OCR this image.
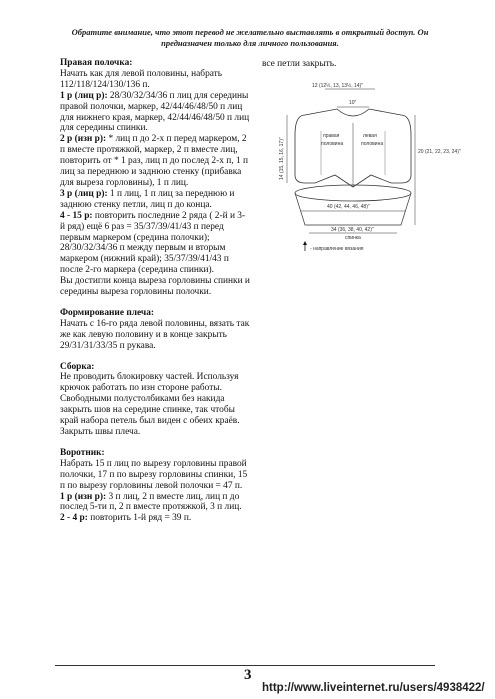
Обратите внимание, что этот перевод не желательно выставлять в открытый доступ. Он
предназначен только для личного пользования.

Правая полочка:

Начать как для левой половины, набрать 112/118/124/130/136 п.

1 р (лиц р): 28/30/32/34/36 п лиц для середины правой полочки, маркер, 42/44/46/48/50 п лиц для нижнего края, маркер, 42/44/46/48/50 п лиц для середины спинки.

2 р (изн р): * лиц п до 2-х п перед маркером, 2 п вместе протяжкой, маркер, 2 п вместе лиц, повторить от * 1 раз, лиц п до послед 2-х п, 1 п лиц за переднюю и заднюю стенку (прибавка для выреза горловины), 1 п лиц.

3 р (лиц р): 1 п лиц, 1 п лиц за переднюю и заднюю стенку петли, лиц п до конца.

4 - 15 р: повторить последние 2 ряда ( 2-й и 3-й ряд) ещё 6 раз = 35/37/39/41/43 п перед первым маркером (средина полочки); 28/30/32/34/36 п между первым и вторым маркером (нижний край); 35/37/39/41/43 п после 2-го маркера (середина спинки).

Вы достигли конца выреза горловины спинки и середины выреза горловины полочки.

Формирование плеча:

Начать с 16-го ряда левой половины, вязать так же как левую половину и в конце закрыть 29/31/31/33/35 п рукава.

Сборка:

Не проводить блокировку частей. Используя крючок работать по изн стороне работы. Свободными полустолбиками без накида закрыть шов на середине спинке, так чтобы край набора петель был виден с обеих краёв. Закрыть швы плеча.

Воротник:

Набрать 15 п лиц по вырезу горловины правой полочки, 17 п по вырезу горловины спинки, 15 п по вырезу горловины левой полочки = 47 п.

1 р (изн р): 3 п лиц, 2 п вместе лиц, лиц п до послед 5-ти п, 2 п вместе протяжкой, 3 п лиц.

2 - 4 р: повторить 1-й ряд = 39 п.

все петли закрыть.
12 (12½, 13, 13½, 14)"
10"
правая
половина
левая
половина
14 (15, 15, 16, 17)"	20 (21, 22, 23, 24)"
40 (42, 44, 46, 48)"
34 (36, 38, 40, 42)"
спинка
- направление вязания
3
http://www.liveinternet.ru/users/4938422/
